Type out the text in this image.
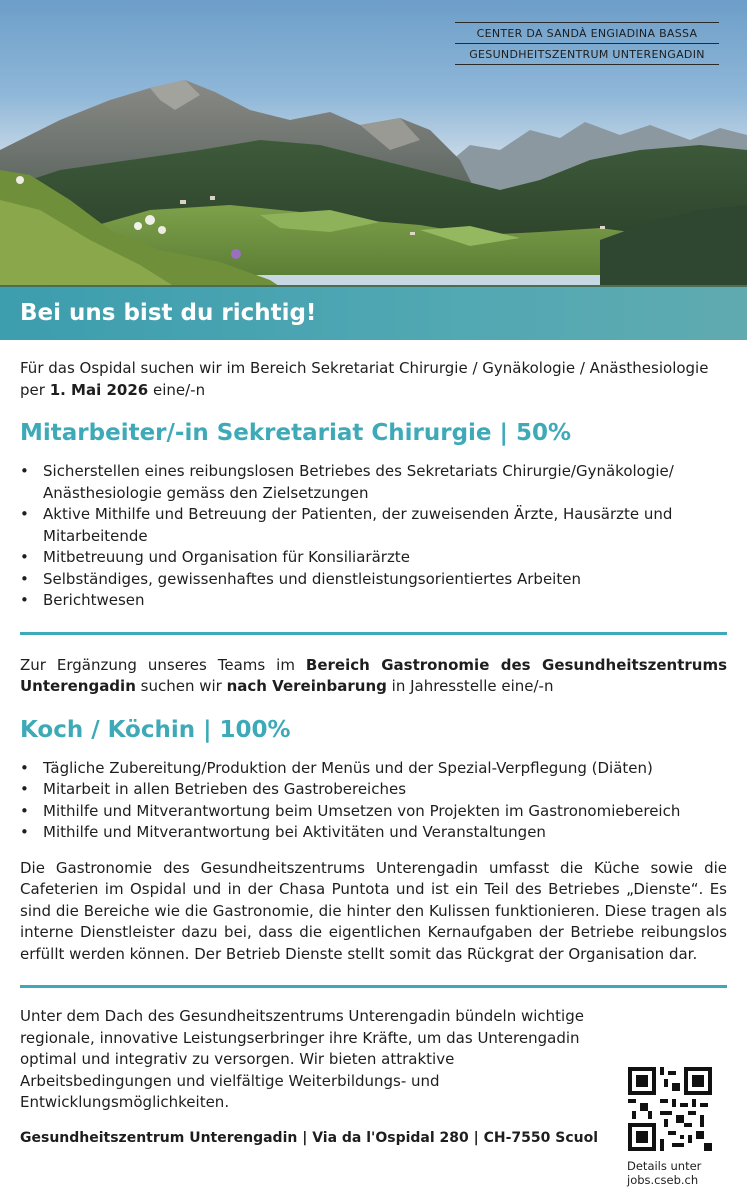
CENTER DA SANDÀ ENGIADINA BASSA
GESUNDHEITSZENTRUM UNTERENGADIN
Bei uns bist du richtig!

Für das Ospidal suchen wir im Bereich Sekretariat Chirurgie / Gynäkologie / Anästhesiologie per 1. Mai 2026 eine/-n

Mitarbeiter/-in Sekretariat Chirurgie | 50%
• Sicherstellen eines reibungslosen Betriebes des Sekretariats Chirurgie/Gynäkologie/ Anästhesiologie gemäss den Zielsetzungen
• Aktive Mithilfe und Betreuung der Patienten, der zuweisenden Ärzte, Hausärzte und Mitarbeitende
• Mitbetreuung und Organisation für Konsiliarärzte
• Selbständiges, gewissenhaftes und dienstleistungsorientiertes Arbeiten
• Berichtwesen

Zur Ergänzung unseres Teams im Bereich Gastronomie des Gesundheitszentrums Unterengadin suchen wir nach Vereinbarung in Jahresstelle eine/-n

Koch / Köchin | 100%
• Tägliche Zubereitung/Produktion der Menüs und der Spezial-Verpflegung (Diäten)
• Mitarbeit in allen Betrieben des Gastrobereiches
• Mithilfe und Mitverantwortung beim Umsetzen von Projekten im Gastronomiebereich
• Mithilfe und Mitverantwortung bei Aktivitäten und Veranstaltungen

Die Gastronomie des Gesundheitszentrums Unterengadin umfasst die Küche sowie die Cafeterien im Ospidal und in der Chasa Puntota und ist ein Teil des Betriebes „Dienste“. Es sind die Bereiche wie die Gastronomie, die hinter den Kulissen funktionieren. Diese tragen als interne Dienstleister dazu bei, dass die eigentlichen Kernaufgaben der Betriebe reibungslos erfüllt werden können. Der Betrieb Dienste stellt somit das Rückgrat der Organisation dar.

Unter dem Dach des Gesundheitszentrums Unterengadin bündeln wichtige regionale, innovative Leistungserbringer ihre Kräfte, um das Unterengadin optimal und integrativ zu versorgen. Wir bieten attraktive Arbeitsbedingungen und vielfältige Weiterbildungs- und Entwicklungsmöglichkeiten.

Gesundheitszentrum Unterengadin | Via da l'Ospidal 280 | CH-7550 Scuol

Details unter
jobs.cseb.ch
